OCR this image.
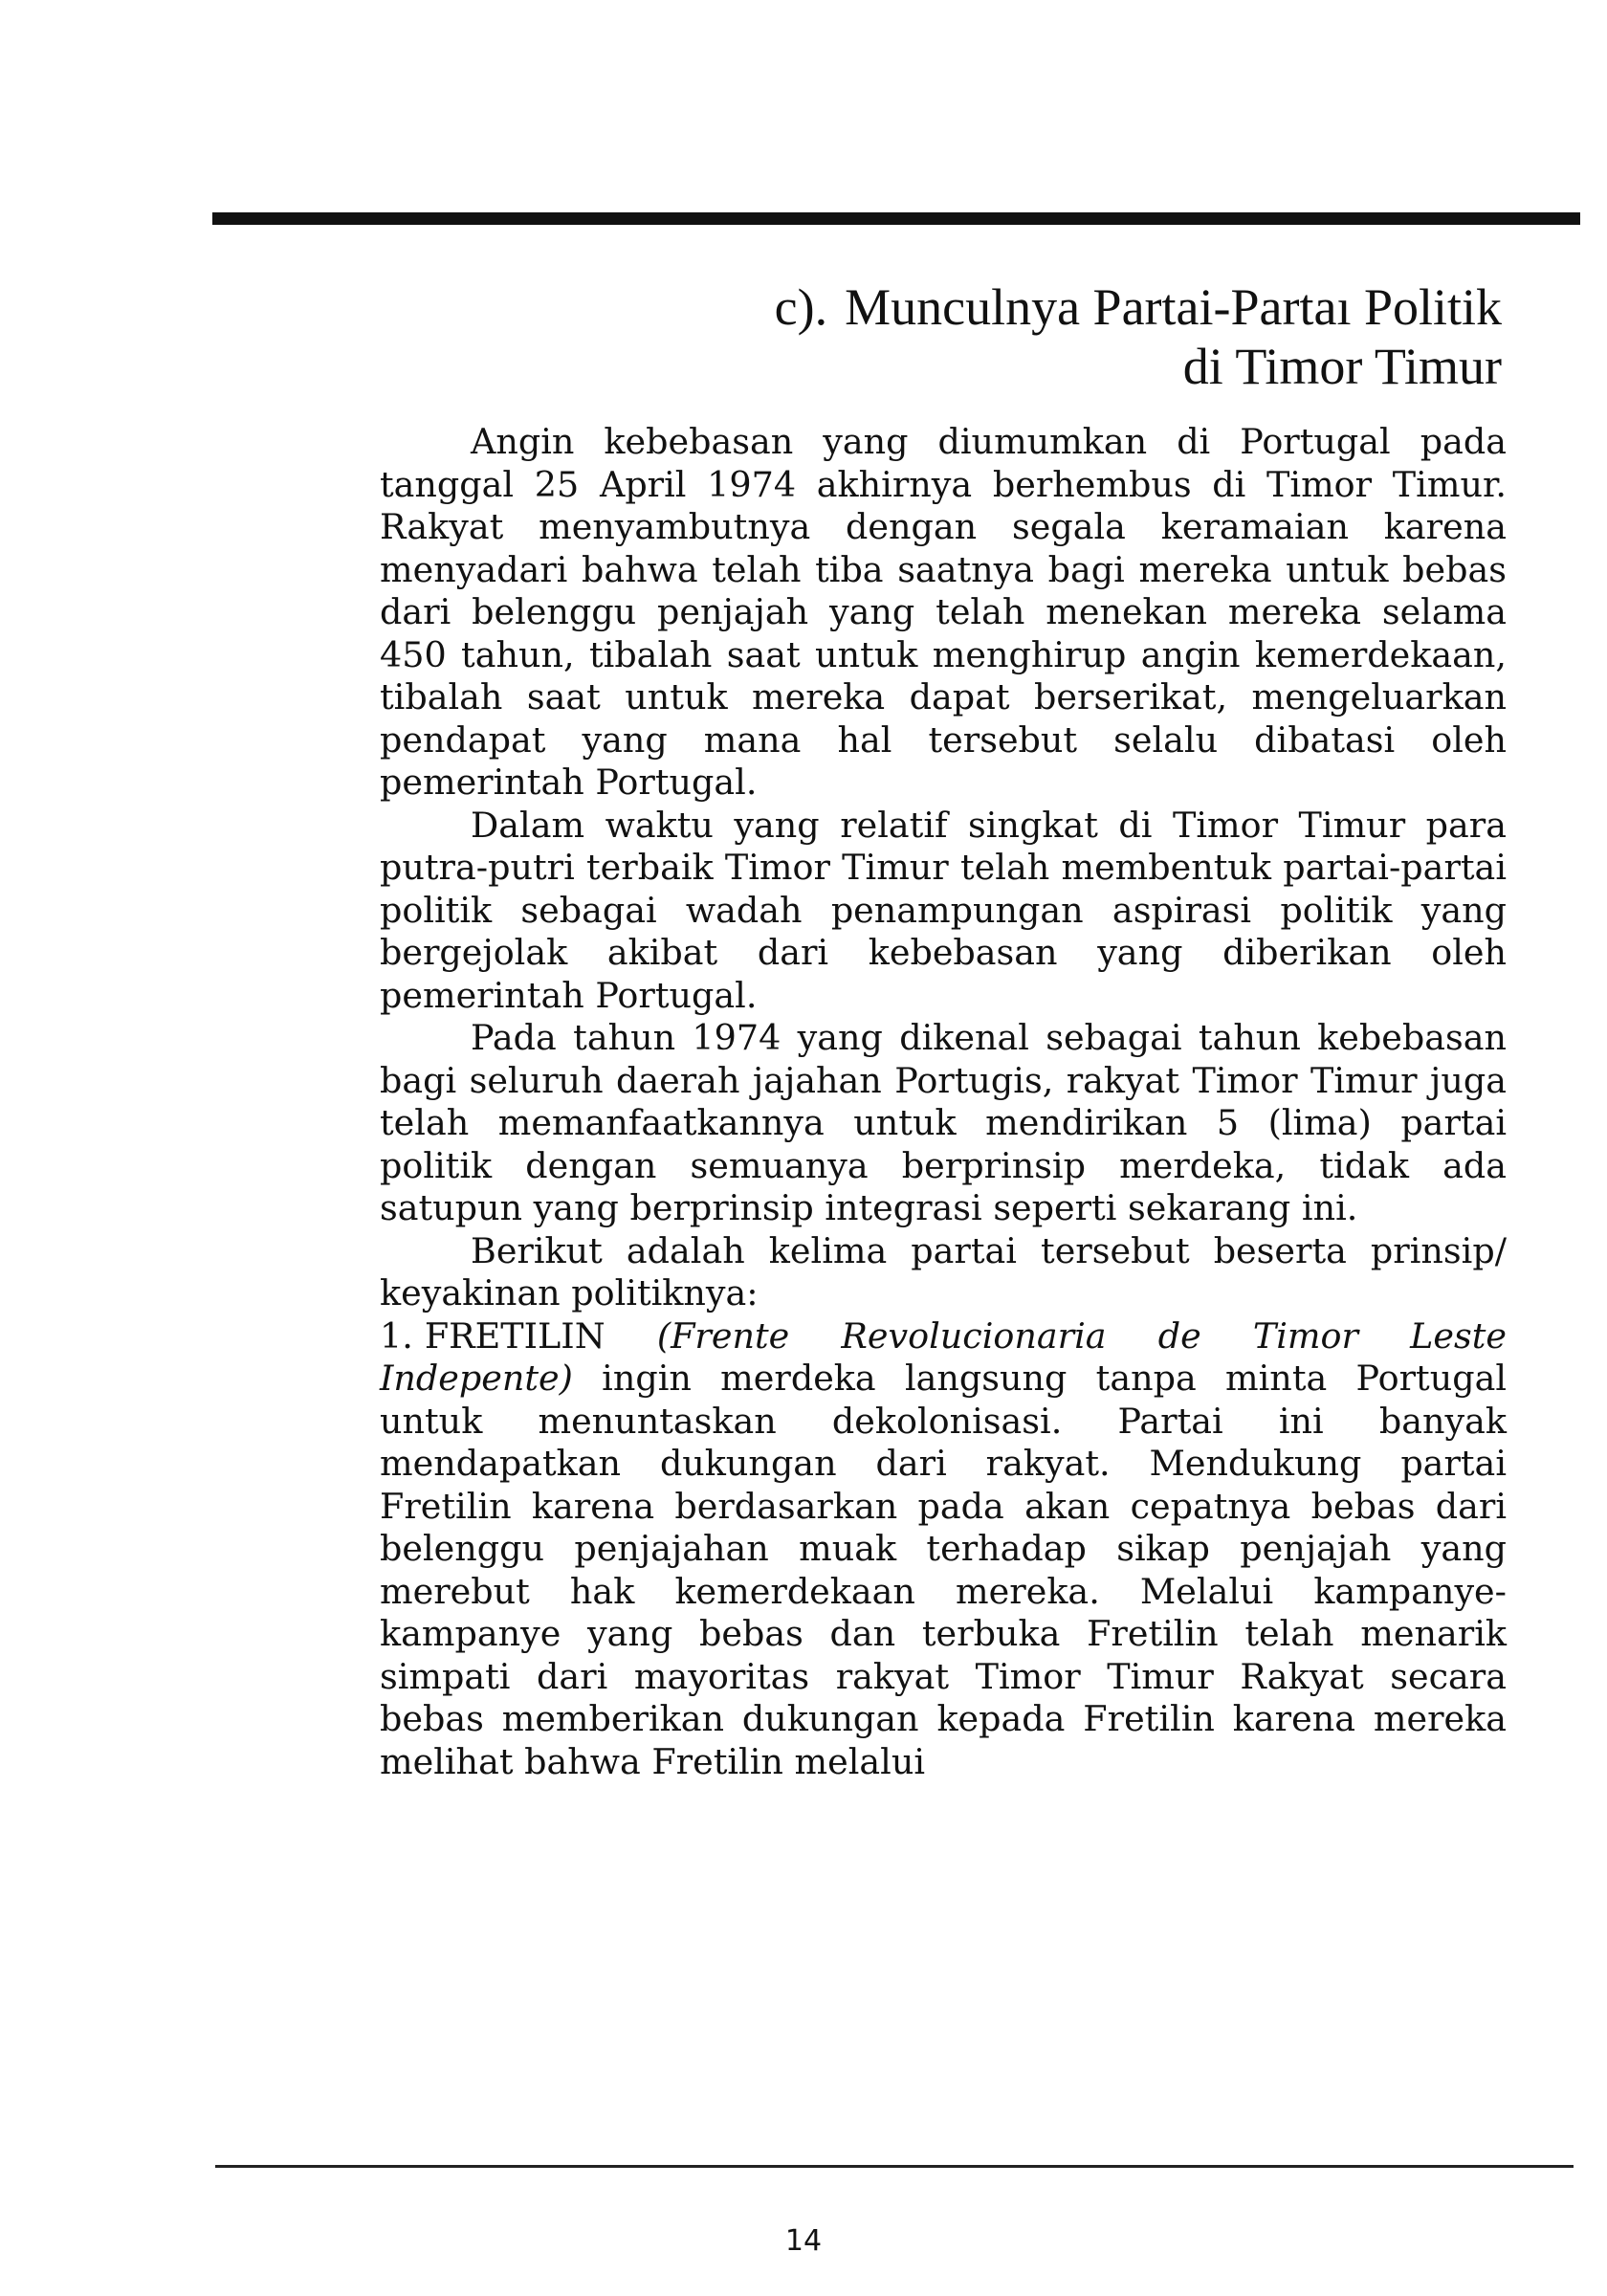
c). Munculnya Partai-Partaı Politik
di Timor Timur

Angin kebebasan yang diumumkan di Portugal pada tanggal 25 April 1974 akhirnya berhembus di Timor Timur. Rakyat menyambutnya dengan segala keramaian karena menyadari bahwa telah tiba saatnya bagi mereka untuk bebas dari belenggu penjajah yang telah menekan mereka selama 450 tahun, tibalah saat untuk menghirup angin kemerdekaan, tibalah saat untuk mereka dapat berserikat, mengeluarkan pendapat yang mana hal tersebut selalu dibatasi oleh pemerintah Portugal.

Dalam waktu yang relatif singkat di Timor Timur para putra-putri terbaik Timor Timur telah membentuk partai-partai politik sebagai wadah penampungan aspirasi politik yang bergejolak akibat dari kebebasan yang diberikan oleh pemerintah Portugal.

Pada tahun 1974 yang dikenal sebagai tahun kebebasan bagi seluruh daerah jajahan Portugis, rakyat Timor Timur juga telah memanfaatkannya untuk mendirikan 5 (lima) partai politik dengan semuanya berprinsip merdeka, tidak ada satupun yang berprinsip integrasi seperti sekarang ini.

Berikut adalah kelima partai tersebut beserta prinsip/ keyakinan politiknya:

1. FRETILIN (Frente Revolucionaria de Timor Leste Indepente) ingin merdeka langsung tanpa minta Portugal untuk menuntaskan dekolonisasi. Partai ini banyak mendapatkan dukungan dari rakyat. Mendukung partai Fretilin karena berdasarkan pada akan cepatnya bebas dari belenggu penjajahan muak terhadap sikap penjajah yang merebut hak kemerdekaan mereka. Melalui kampanye-kampanye yang bebas dan terbuka Fretilin telah menarik simpati dari mayoritas rakyat Timor Timur Rakyat secara bebas memberikan dukungan kepada Fretilin karena mereka melihat bahwa Fretilin melalui

14
